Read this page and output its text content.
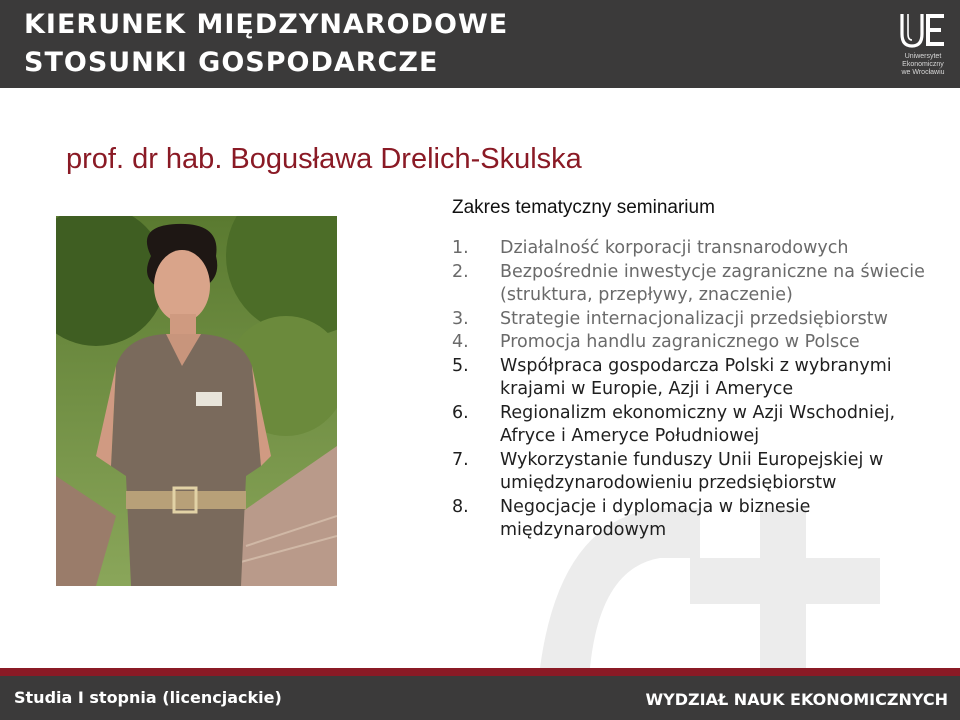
KIERUNEK MIĘDZYNARODOWE
STOSUNKI GOSPODARCZE	Uniwersytet
Ekonomiczny
we Wrocławiu
prof. dr hab. Bogusława Drelich-Skulska
Zakres tematyczny seminarium
1.	Działalność korporacji transnarodowych
2.	Bezpośrednie inwestycje zagraniczne na świecie (struktura, przepływy, znaczenie)
3.	Strategie internacjonalizacji przedsiębiorstw
4.	Promocja handlu zagranicznego w Polsce
5.	Współpraca gospodarcza Polski z wybranymi krajami w Europie, Azji i Ameryce
6.	Regionalizm ekonomiczny w Azji Wschodniej, Afryce i Ameryce Południowej
7.	Wykorzystanie funduszy Unii Europejskiej w umiędzynarodowieniu przedsiębiorstw
8.	Negocjacje i dyplomacja w biznesie międzynarodowym
Studia I stopnia (licencjackie)	WYDZIAŁ NAUK EKONOMICZNYCH
